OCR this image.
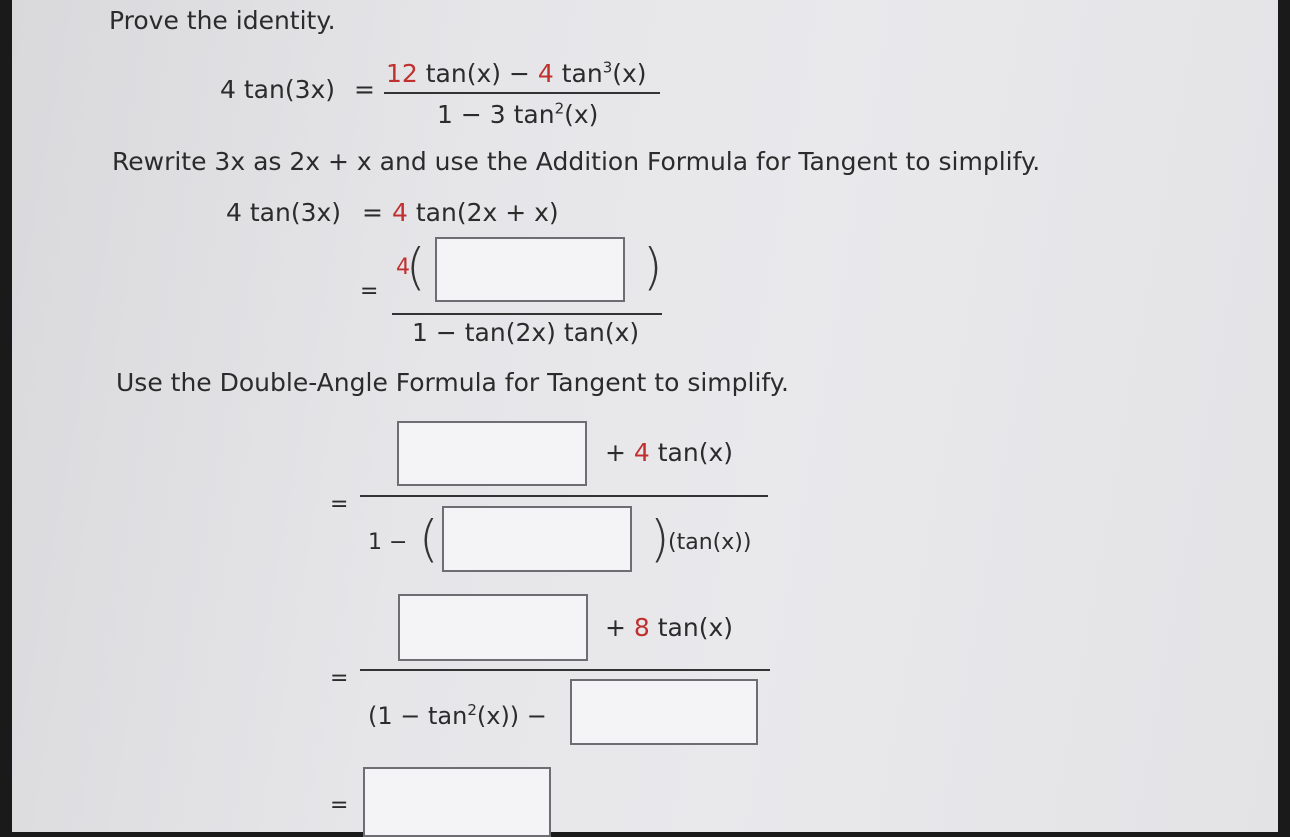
Prove the identity.
4 tan(3x) =
12 tan(x) − 4 $\tan^3(x)$
1 − 3 $\tan^2(x)$
Rewrite 3x as 2x + x and use the Addition Formula for Tangent to simplify.
4 tan(3x) = 4 tan(2x + x)
=
4
(	)
1 − tan(2x) tan(x)
Use the Double-Angle Formula for Tangent to simplify.
+ 4 tan(x)
=
1 − (	)
(tan(x))
+ 8 tan(x)
=
$(1 - \tan^2(x))$ −
=
